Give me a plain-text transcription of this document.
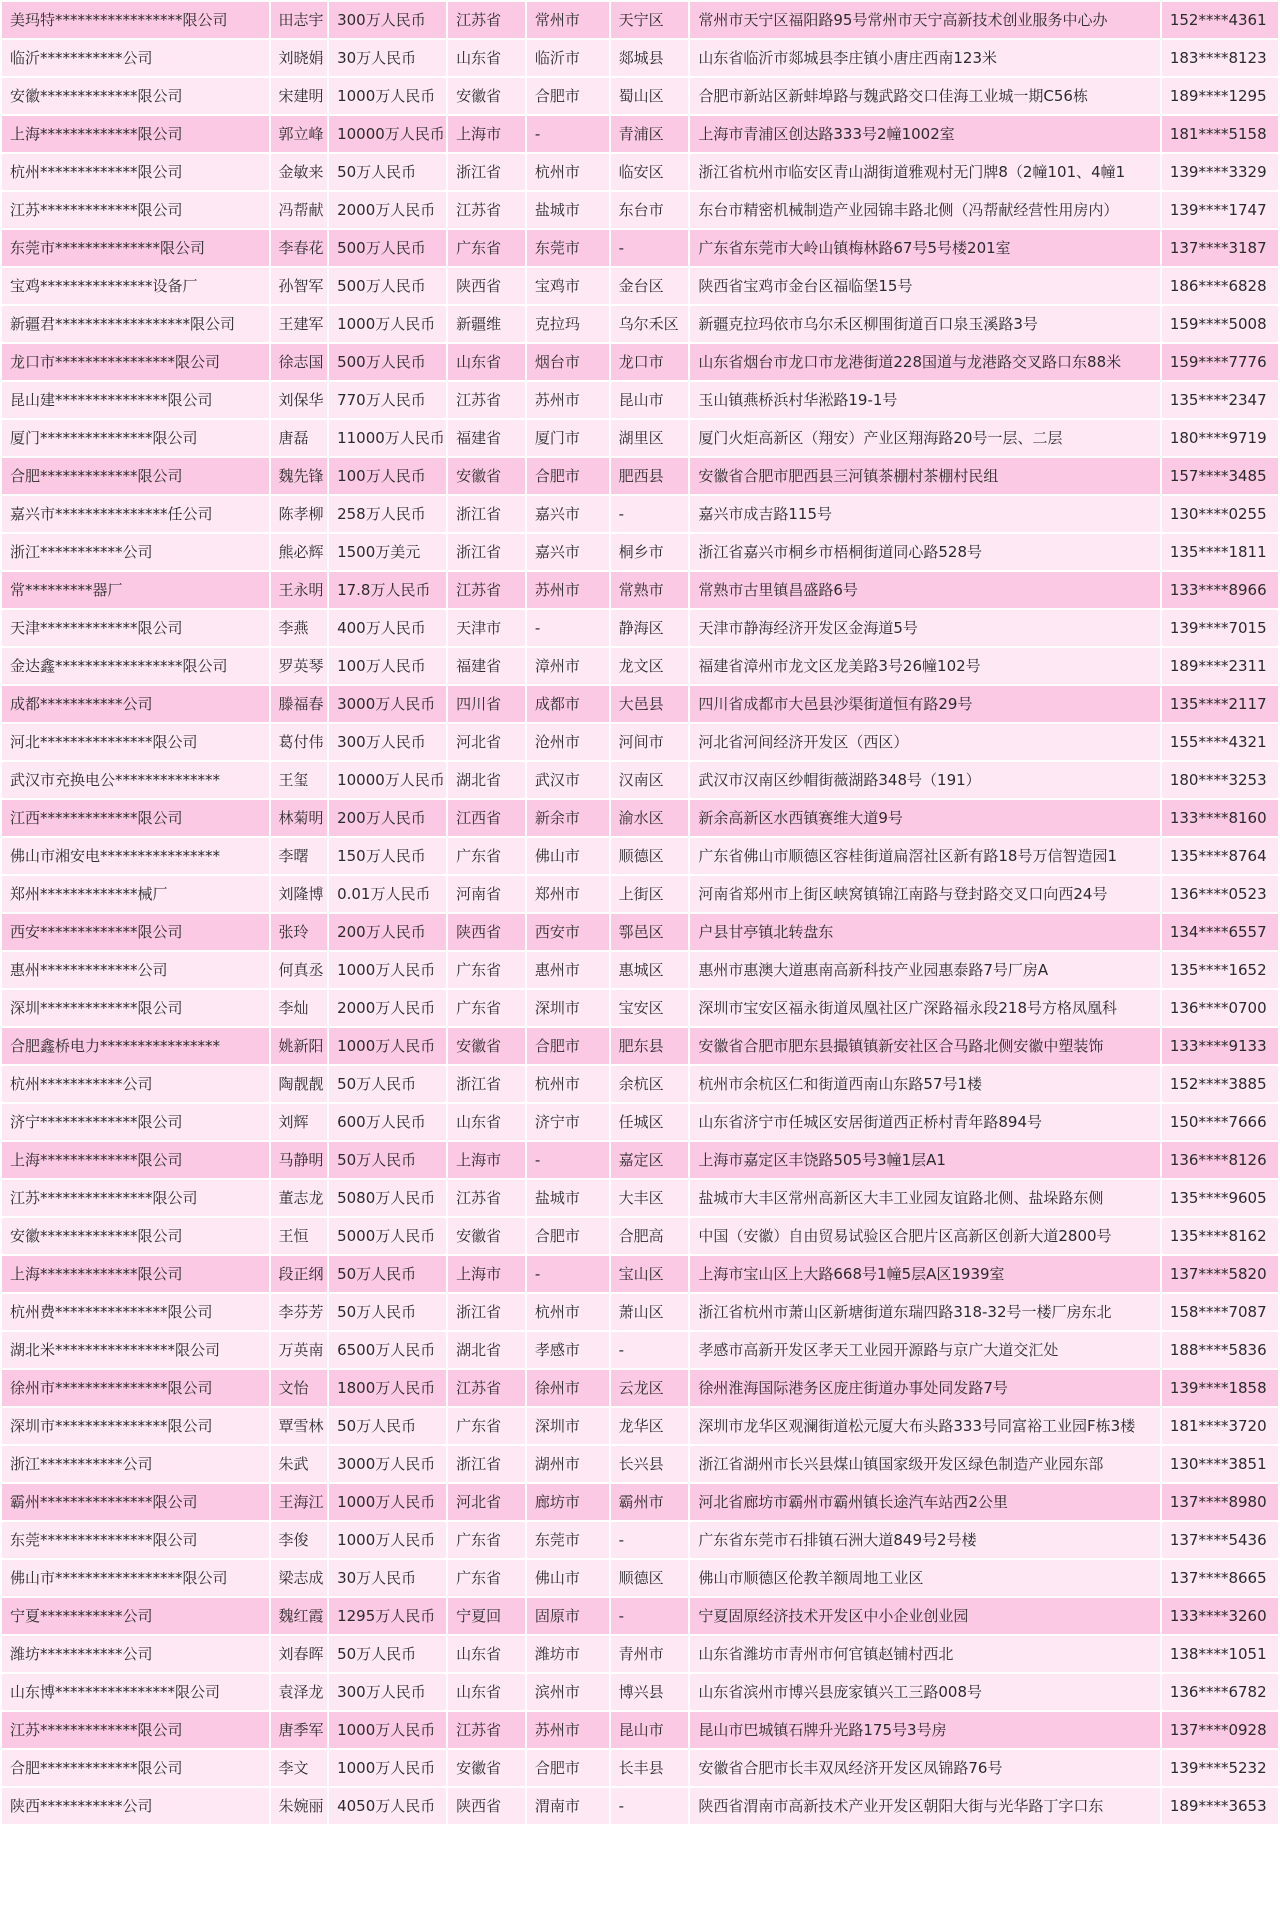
美玛特*****************限公司	田志宇	300万人民币	江苏省	常州市	天宁区	常州市天宁区福阳路95号常州市天宁高新技术创业服务中心办	152****4361
临沂***********公司	刘晓娟	30万人民币	山东省	临沂市	郯城县	山东省临沂市郯城县李庄镇小唐庄西南123米	183****8123
安徽*************限公司	宋建明	1000万人民币	安徽省	合肥市	蜀山区	合肥市新站区新蚌埠路与魏武路交口佳海工业城一期C56栋	189****1295
上海*************限公司	郭立峰	10000万人民币	上海市	-	青浦区	上海市青浦区创达路333号2幢1002室	181****5158
杭州*************限公司	金敏来	50万人民币	浙江省	杭州市	临安区	浙江省杭州市临安区青山湖街道雅观村无门牌8（2幢101、4幢1	139****3329
江苏*************限公司	冯帮献	2000万人民币	江苏省	盐城市	东台市	东台市精密机械制造产业园锦丰路北侧（冯帮献经营性用房内）	139****1747
东莞市**************限公司	李春花	500万人民币	广东省	东莞市	-	广东省东莞市大岭山镇梅林路67号5号楼201室	137****3187
宝鸡***************设备厂	孙智军	500万人民币	陕西省	宝鸡市	金台区	陕西省宝鸡市金台区福临堡15号	186****6828
新疆君******************限公司	王建军	1000万人民币	新疆维	克拉玛	乌尔禾区	新疆克拉玛依市乌尔禾区柳围街道百口泉玉溪路3号	159****5008
龙口市****************限公司	徐志国	500万人民币	山东省	烟台市	龙口市	山东省烟台市龙口市龙港街道228国道与龙港路交叉路口东88米	159****7776
昆山建***************限公司	刘保华	770万人民币	江苏省	苏州市	昆山市	玉山镇燕桥浜村华淞路19-1号	135****2347
厦门***************限公司	唐磊	11000万人民币	福建省	厦门市	湖里区	厦门火炬高新区（翔安）产业区翔海路20号一层、二层	180****9719
合肥*************限公司	魏先锋	100万人民币	安徽省	合肥市	肥西县	安徽省合肥市肥西县三河镇茶棚村茶棚村民组	157****3485
嘉兴市***************任公司	陈孝柳	258万人民币	浙江省	嘉兴市	-	嘉兴市成吉路115号	130****0255
浙江***********公司	熊必辉	1500万美元	浙江省	嘉兴市	桐乡市	浙江省嘉兴市桐乡市梧桐街道同心路528号	135****1811
常*********器厂	王永明	17.8万人民币	江苏省	苏州市	常熟市	常熟市古里镇昌盛路6号	133****8966
天津*************限公司	李燕	400万人民币	天津市	-	静海区	天津市静海经济开发区金海道5号	139****7015
金达鑫*****************限公司	罗英琴	100万人民币	福建省	漳州市	龙文区	福建省漳州市龙文区龙美路3号26幢102号	189****2311
成都***********公司	滕福春	3000万人民币	四川省	成都市	大邑县	四川省成都市大邑县沙渠街道恒有路29号	135****2117
河北***************限公司	葛付伟	300万人民币	河北省	沧州市	河间市	河北省河间经济开发区（西区）	155****4321
武汉市充换电公**************	王玺	10000万人民币	湖北省	武汉市	汉南区	武汉市汉南区纱帽街薇湖路348号（191）	180****3253
江西*************限公司	林菊明	200万人民币	江西省	新余市	渝水区	新余高新区水西镇赛维大道9号	133****8160
佛山市湘安电****************	李曙	150万人民币	广东省	佛山市	顺德区	广东省佛山市顺德区容桂街道扁滘社区新有路18号万信智造园1	135****8764
郑州*************械厂	刘隆博	0.01万人民币	河南省	郑州市	上街区	河南省郑州市上街区峡窝镇锦江南路与登封路交叉口向西24号	136****0523
西安*************限公司	张玲	200万人民币	陕西省	西安市	鄠邑区	户县甘亭镇北转盘东	134****6557
惠州*************公司	何真丞	1000万人民币	广东省	惠州市	惠城区	惠州市惠澳大道惠南高新科技产业园惠泰路7号厂房A	135****1652
深圳*************限公司	李灿	2000万人民币	广东省	深圳市	宝安区	深圳市宝安区福永街道凤凰社区广深路福永段218号方格凤凰科	136****0700
合肥鑫桥电力****************	姚新阳	1000万人民币	安徽省	合肥市	肥东县	安徽省合肥市肥东县撮镇镇新安社区合马路北侧安徽中塑装饰	133****9133
杭州***********公司	陶靓靓	50万人民币	浙江省	杭州市	余杭区	杭州市余杭区仁和街道西南山东路57号1楼	152****3885
济宁*************限公司	刘辉	600万人民币	山东省	济宁市	任城区	山东省济宁市任城区安居街道西正桥村青年路894号	150****7666
上海*************限公司	马静明	50万人民币	上海市	-	嘉定区	上海市嘉定区丰饶路505号3幢1层A1	136****8126
江苏***************限公司	董志龙	5080万人民币	江苏省	盐城市	大丰区	盐城市大丰区常州高新区大丰工业园友谊路北侧、盐垛路东侧	135****9605
安徽*************限公司	王恒	5000万人民币	安徽省	合肥市	合肥高	中国（安徽）自由贸易试验区合肥片区高新区创新大道2800号	135****8162
上海*************限公司	段正纲	50万人民币	上海市	-	宝山区	上海市宝山区上大路668号1幢5层A区1939室	137****5820
杭州费***************限公司	李芬芳	50万人民币	浙江省	杭州市	萧山区	浙江省杭州市萧山区新塘街道东瑞四路318-32号一楼厂房东北	158****7087
湖北米****************限公司	万英南	6500万人民币	湖北省	孝感市	-	孝感市高新开发区孝天工业园开源路与京广大道交汇处	188****5836
徐州市***************限公司	文怡	1800万人民币	江苏省	徐州市	云龙区	徐州淮海国际港务区庞庄街道办事处同发路7号	139****1858
深圳市***************限公司	覃雪林	50万人民币	广东省	深圳市	龙华区	深圳市龙华区观澜街道松元厦大布头路333号同富裕工业园F栋3楼	181****3720
浙江***********公司	朱武	3000万人民币	浙江省	湖州市	长兴县	浙江省湖州市长兴县煤山镇国家级开发区绿色制造产业园东部	130****3851
霸州***************限公司	王海江	1000万人民币	河北省	廊坊市	霸州市	河北省廊坊市霸州市霸州镇长途汽车站西2公里	137****8980
东莞***************限公司	李俊	1000万人民币	广东省	东莞市	-	广东省东莞市石排镇石洲大道849号2号楼	137****5436
佛山市*****************限公司	梁志成	30万人民币	广东省	佛山市	顺德区	佛山市顺德区伦教羊额周地工业区	137****8665
宁夏***********公司	魏红霞	1295万人民币	宁夏回	固原市	-	宁夏固原经济技术开发区中小企业创业园	133****3260
潍坊***********公司	刘春晖	50万人民币	山东省	潍坊市	青州市	山东省潍坊市青州市何官镇赵铺村西北	138****1051
山东博****************限公司	袁泽龙	300万人民币	山东省	滨州市	博兴县	山东省滨州市博兴县庞家镇兴工三路008号	136****6782
江苏*************限公司	唐季军	1000万人民币	江苏省	苏州市	昆山市	昆山市巴城镇石牌升光路175号3号房	137****0928
合肥*************限公司	李文	1000万人民币	安徽省	合肥市	长丰县	安徽省合肥市长丰双凤经济开发区凤锦路76号	139****5232
陕西***********公司	朱婉丽	4050万人民币	陕西省	渭南市	-	陕西省渭南市高新技术产业开发区朝阳大街与光华路丁字口东	189****3653
